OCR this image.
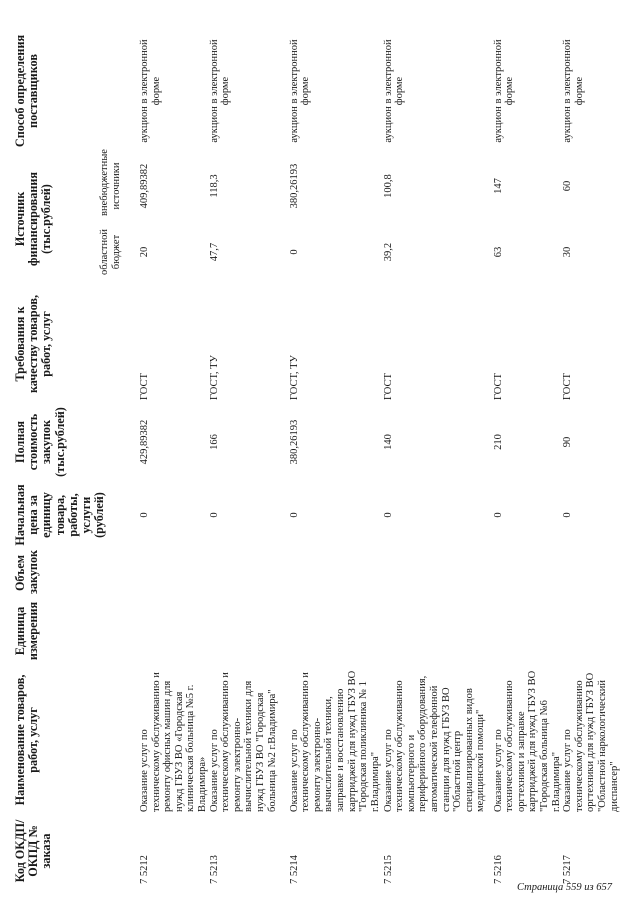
Код ОКДП/ ОКПД № заказа	Наименование товаров, работ, услуг	Единица измерения	Объем закупок	Начальная цена за единицу товара, работы, услуги (рублей)	Полная стоимость закупок (тыс.рублей)	Требования к качеству товаров, работ, услуг	Источник финансирования (тыс.рублей)		Способ определения поставщиков
							областной бюджет	внебюджетные источники	
7 5212	Оказание услуг по техническому обслуживанию и ремонту офисных машин для нужд ГБУЗ ВО «Городская клиническая больница №5 г. Владимира»			0	429,89382	ГОСТ	20	409,89382	аукцион в электронной форме
7 5213	Оказание услуг по техническому обслуживанию и ремонту электронно-вычислительной техники для нужд ГБУЗ ВО "Городская больница №2 г.Владимира"			0	166	ГОСТ, ТУ	47,7	118,3	аукцион в электронной форме
7 5214	Оказание услуг по техническому обслуживанию и ремонту электронно-вычислительной техники, заправке и восстановлению картриджей для нужд ГБУЗ ВО "Городская поликлиника № 1 г.Владимира"			0	380,26193	ГОСТ, ТУ	0	380,26193	аукцион в электронной форме
7 5215	Оказание услуг по техническому обслуживанию компьютерного и периферийного оборудования, автоматической телефонной станции для нужд ГБУЗ ВО "Областной центр специализированных видов медицинской помощи"			0	140	ГОСТ	39,2	100,8	аукцион в электронной форме
7 5216	Оказание услуг по техническому обслуживанию оргтехники и заправке картриджей для нужд ГБУЗ ВО "Городская больница №6 г.Владимира"			0	210	ГОСТ	63	147	аукцион в электронной форме
7 5217	Оказание услуг по техническому обслуживанию оргтехники для нужд ГБУЗ ВО "Областной наркологический диспансер"			0	90	ГОСТ	30	60	аукцион в электронной форме
Страница 559 из 657
